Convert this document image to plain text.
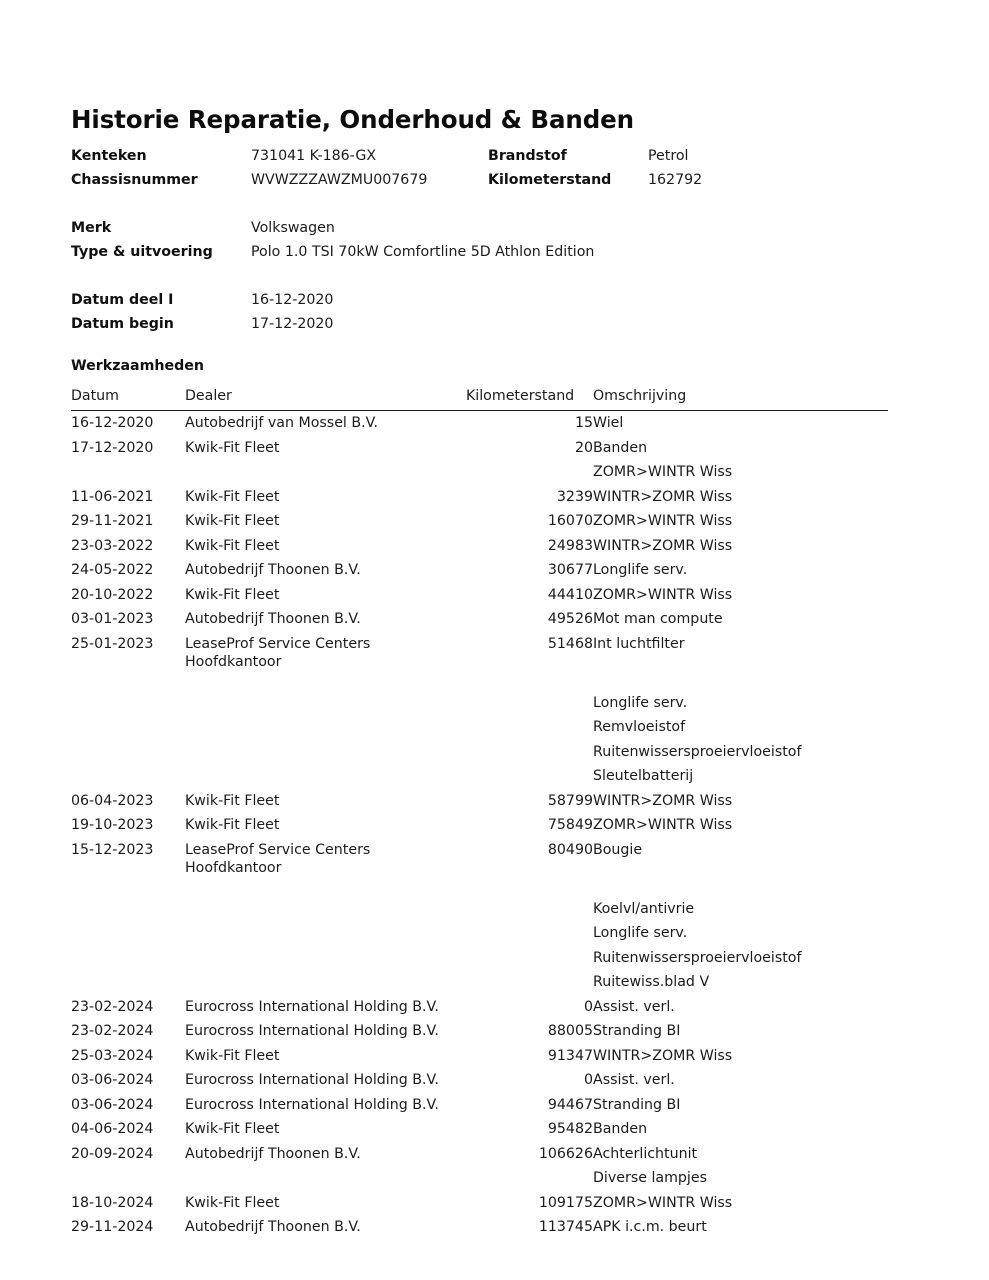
Historie Reparatie, Onderhoud & Banden
Kenteken	731041 K-186-GX
Chassisnummer	WVWZZZAWZMU007679
Brandstof	Petrol
Kilometerstand	162792
Merk	Volkswagen
Type & uitvoering	Polo 1.0 TSI 70kW Comfortline 5D Athlon Edition
Datum deel I	16-12-2020
Datum begin	17-12-2020
Werkzaamheden
Datum	Dealer	Kilometerstand	Omschrijving
16-12-2020	Autobedrijf van Mossel B.V.	15	Wiel
17-12-2020	Kwik-Fit Fleet	20	Banden
			ZOMR>WINTR Wiss
11-06-2021	Kwik-Fit Fleet	3239	WINTR>ZOMR Wiss
29-11-2021	Kwik-Fit Fleet	16070	ZOMR>WINTR Wiss
23-03-2022	Kwik-Fit Fleet	24983	WINTR>ZOMR Wiss
24-05-2022	Autobedrijf Thoonen B.V.	30677	Longlife serv.
20-10-2022	Kwik-Fit Fleet	44410	ZOMR>WINTR Wiss
03-01-2023	Autobedrijf Thoonen B.V.	49526	Mot man compute
25-01-2023	LeaseProf Service Centers Hoofdkantoor	51468	Int luchtfilter

			Longlife serv.
			Remvloeistof
			Ruitenwissersproeiervloeistof
			Sleutelbatterij
06-04-2023	Kwik-Fit Fleet	58799	WINTR>ZOMR Wiss
19-10-2023	Kwik-Fit Fleet	75849	ZOMR>WINTR Wiss
15-12-2023	LeaseProf Service Centers Hoofdkantoor	80490	Bougie

			Koelvl/antivrie
			Longlife serv.
			Ruitenwissersproeiervloeistof
			Ruitewiss.blad V
23-02-2024	Eurocross International Holding B.V.	0	Assist. verl.
23-02-2024	Eurocross International Holding B.V.	88005	Stranding BI
25-03-2024	Kwik-Fit Fleet	91347	WINTR>ZOMR Wiss
03-06-2024	Eurocross International Holding B.V.	0	Assist. verl.
03-06-2024	Eurocross International Holding B.V.	94467	Stranding BI
04-06-2024	Kwik-Fit Fleet	95482	Banden
20-09-2024	Autobedrijf Thoonen B.V.	106626	Achterlichtunit
			Diverse lampjes
18-10-2024	Kwik-Fit Fleet	109175	ZOMR>WINTR Wiss
29-11-2024	Autobedrijf Thoonen B.V.	113745	APK i.c.m. beurt
